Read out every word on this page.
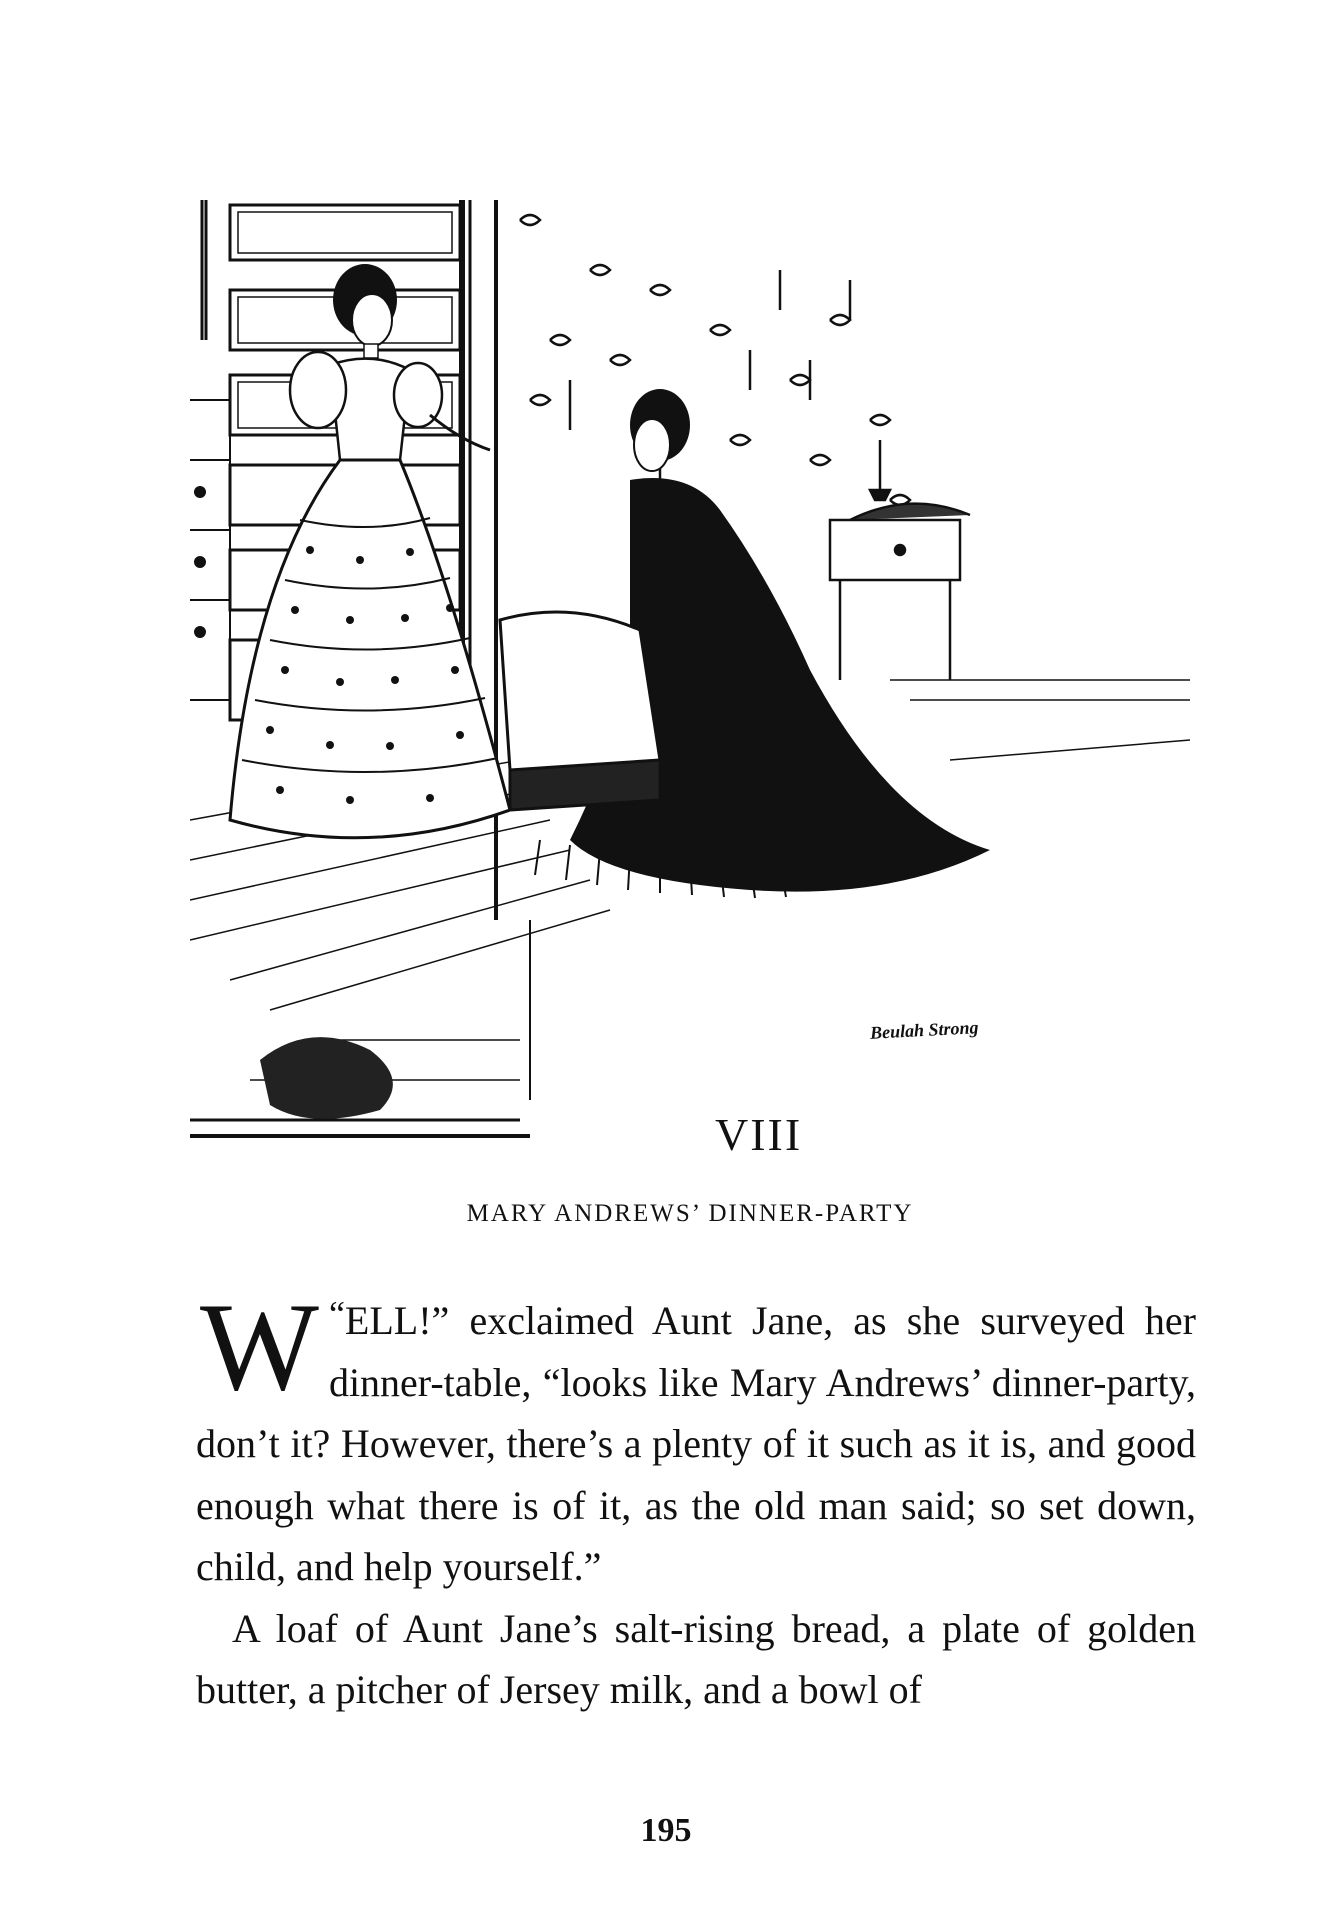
Beulah Strong
VIII
MARY ANDREWS’ DINNER-PARTY

“
W ELL!” exclaimed Aunt Jane, as she surveyed her dinner-table, “looks like Mary Andrews’ dinner-party, don’t it? However, there’s a plenty of it such as it is, and good enough what there is of it, as the old man said; so set down, child, and help yourself.”

A loaf of Aunt Jane’s salt-rising bread, a plate of golden butter, a pitcher of Jersey milk, and a bowl of

195
